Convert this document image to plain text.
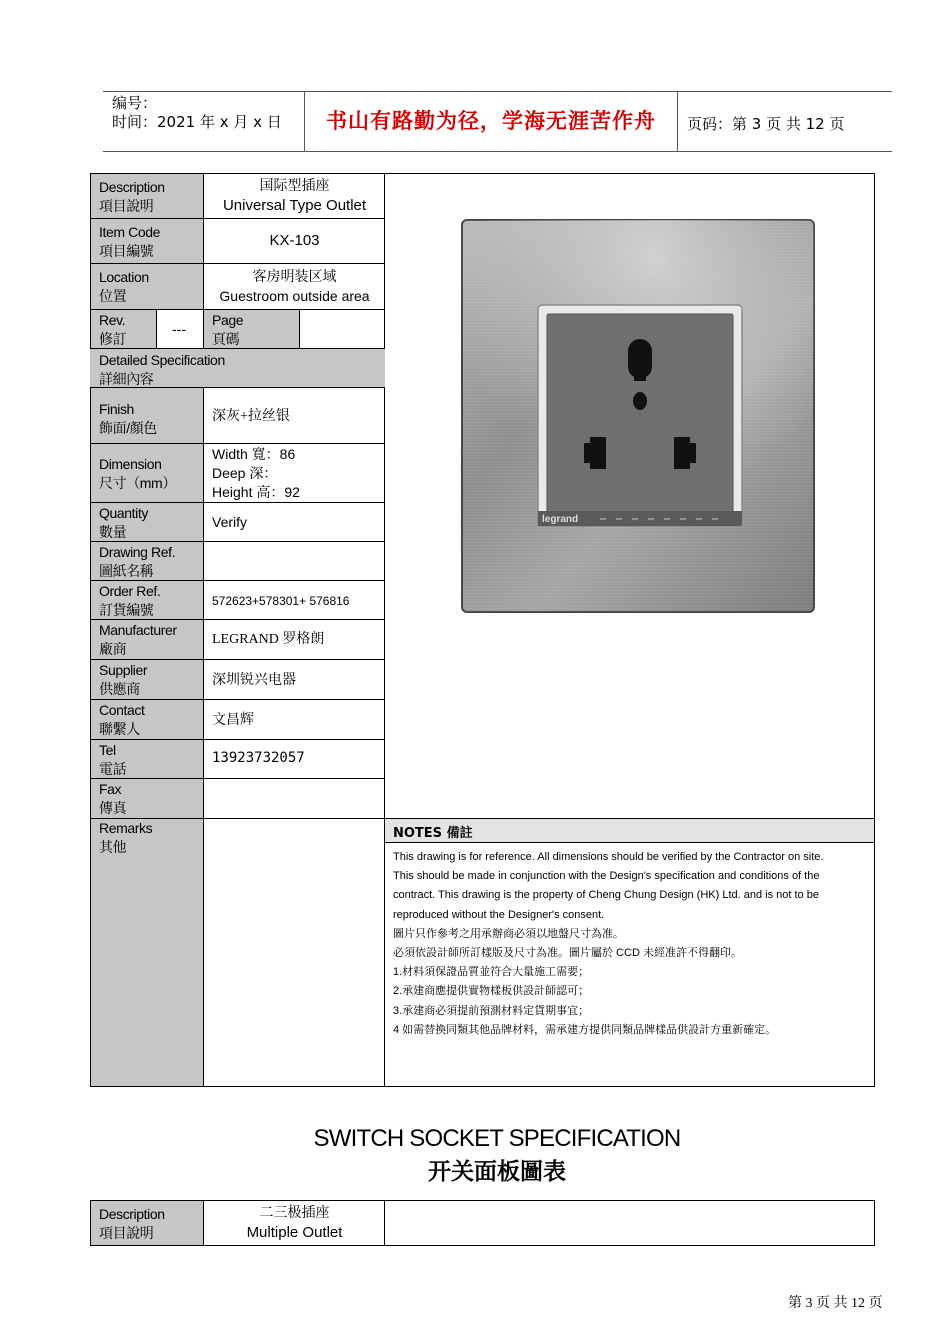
编号：
时间：2021 年 x 月 x 日	书山有路勤为径，学海无涯苦作舟	页码：第 3 页 共 12 页
Description
項目說明
Item Code
項目編號
Location
位置
Rev.
修訂
---
Page
頁碼
Detailed Specification
詳細內容
Finish
飾面/顏色
Dimension
尺寸（mm）
Quantity
數量
Drawing Ref.
圖紙名稱
Order Ref.
訂貨編號
Manufacturer
廠商
Supplier
供應商
Contact
聯繫人
Tel
電話
Fax
傳真
Remarks
其他
国际型插座
Universal Type Outlet
KX-103
客房明装区域
Guestroom outside area
深灰+拉丝银
Width 寬：86
Deep 深：
Height 高：92
Verify
572623+578301+ 576816
LEGRAND 罗格朗
深圳锐兴电器
文昌辉
13923732057
NOTES 備註

This drawing is for reference. All dimensions should be verified by the Contractor on site.

This should be made in conjunction with the Design's specification and conditions of the

contract. This drawing is the property of Cheng Chung Design (HK) Ltd. and is not to be

reproduced without the Designer's consent.

圖片只作參考之用承辦商必須以地盤尺寸為准。

必須依設計師所訂樣版及尺寸為准。圖片屬於 CCD 未經准許不得翻印。

1.材料須保證品質並符合大量施工需要；

2.承建商應提供實物樣板供設計師認可；

3.承建商必須提前預測材料定貨期事宜；

4 如需替換同類其他品牌材料，需承建方提供同類品牌樣品供設計方重新確定。

legrand
SWITCH SOCKET SPECIFICATION
开关面板圖表
Description
項目說明
二三极插座
Multiple Outlet
第 3 页 共 12 页
